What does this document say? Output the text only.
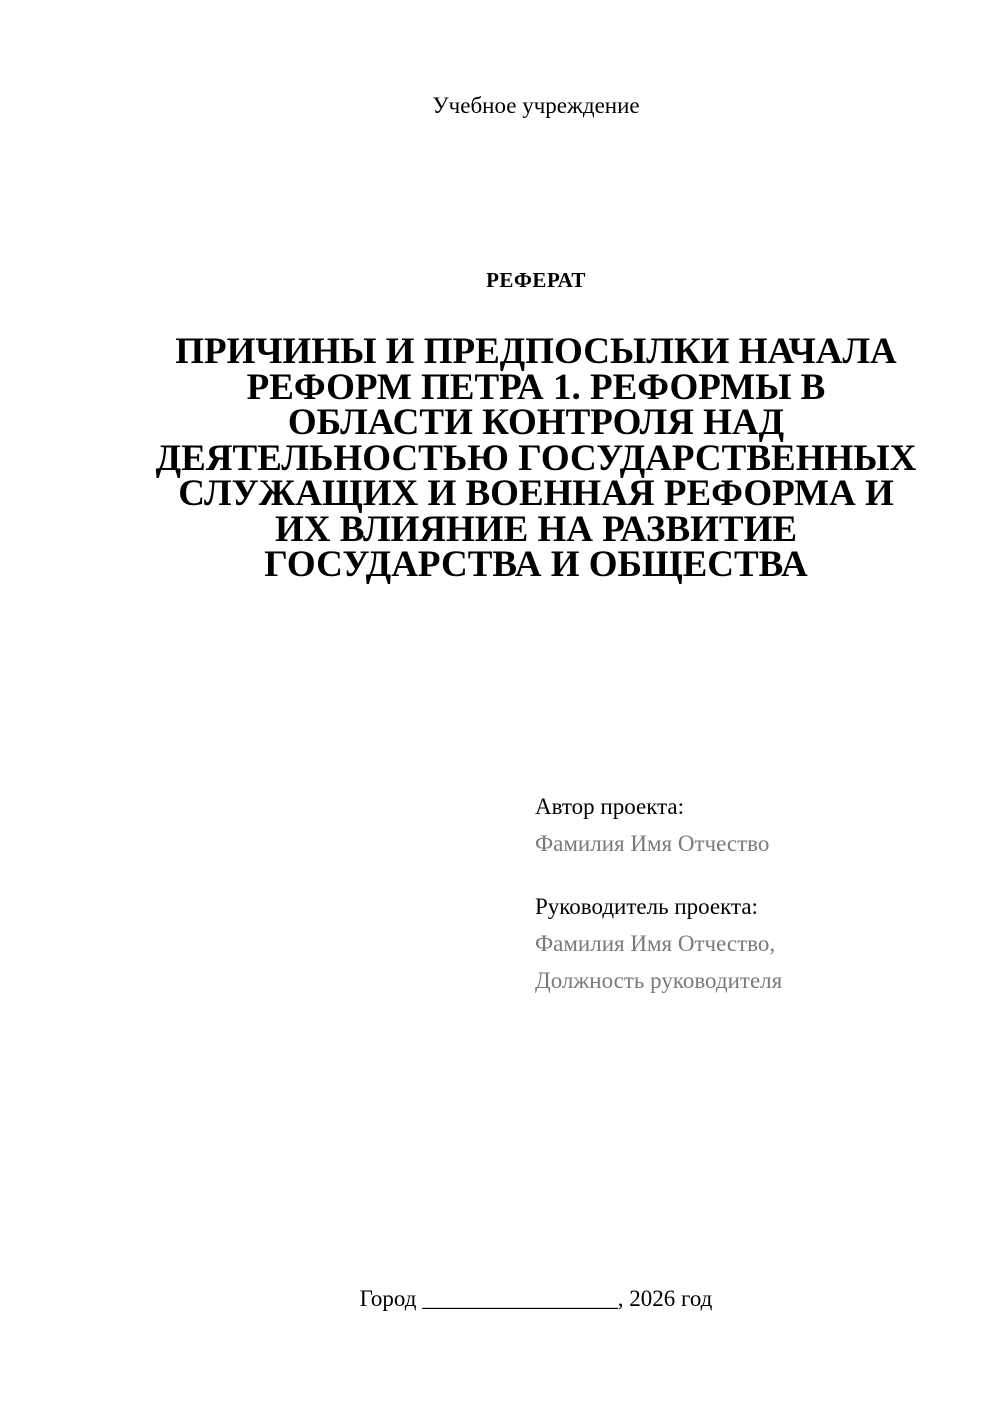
Учебное учреждение
РЕФЕРАТ
ПРИЧИНЫ И ПРЕДПОСЫЛКИ НАЧАЛА РЕФОРМ ПЕТРА 1. РЕФОРМЫ В ОБЛАСТИ КОНТРОЛЯ НАД ДЕЯТЕЛЬНОСТЬЮ ГОСУДАРСТВЕННЫХ СЛУЖАЩИХ И ВОЕННАЯ РЕФОРМА И ИХ ВЛИЯНИЕ НА РАЗВИТИЕ ГОСУДАРСТВА И ОБЩЕСТВА
Автор проекта:
Фамилия Имя Отчество
Руководитель проекта:
Фамилия Имя Отчество,
Должность руководителя
Город _________________, 2026 год
